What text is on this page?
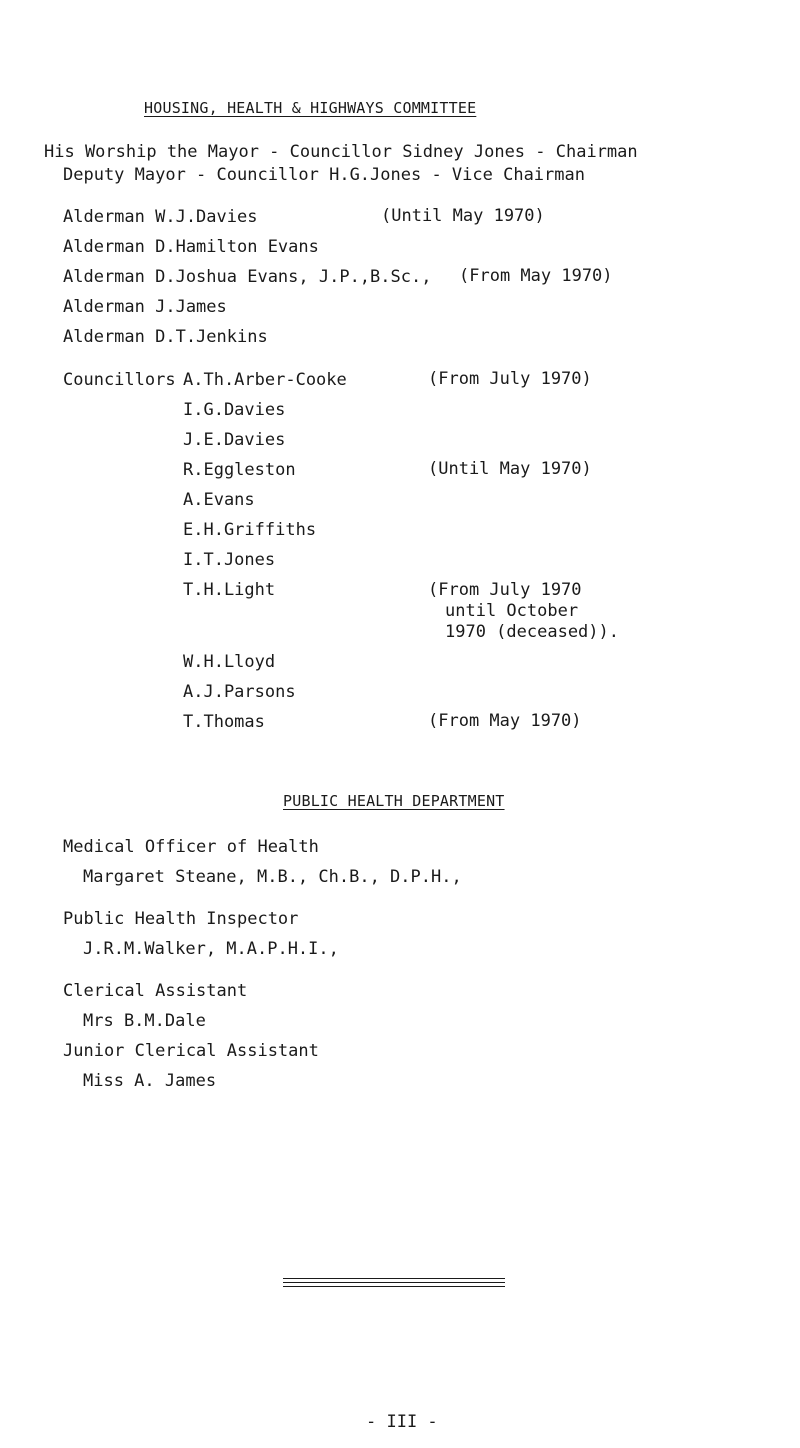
HOUSING, HEALTH & HIGHWAYS COMMITTEE
His Worship the Mayor - Councillor Sidney Jones - Chairman
Deputy Mayor - Councillor H.G.Jones - Vice Chairman
Alderman W.J.Davies	(Until May 1970)
Alderman D.Hamilton Evans
Alderman D.Joshua Evans, J.P.,B.Sc., (From May 1970)
Alderman J.James
Alderman D.T.Jenkins
Councillors A.Th.Arber-Cooke	(From July 1970)
I.G.Davies
J.E.Davies
R.Eggleston	(Until May 1970)
A.Evans
E.H.Griffiths
I.T.Jones
T.H.Light	(From July 1970
until October
1970 (deceased)).
W.H.Lloyd
A.J.Parsons
T.Thomas	(From May 1970)
PUBLIC HEALTH DEPARTMENT
Medical Officer of Health
Margaret Steane, M.B., Ch.B., D.P.H.,
Public Health Inspector
J.R.M.Walker, M.A.P.H.I.,
Clerical Assistant
Mrs B.M.Dale
Junior Clerical Assistant
Miss A. James
- III -
